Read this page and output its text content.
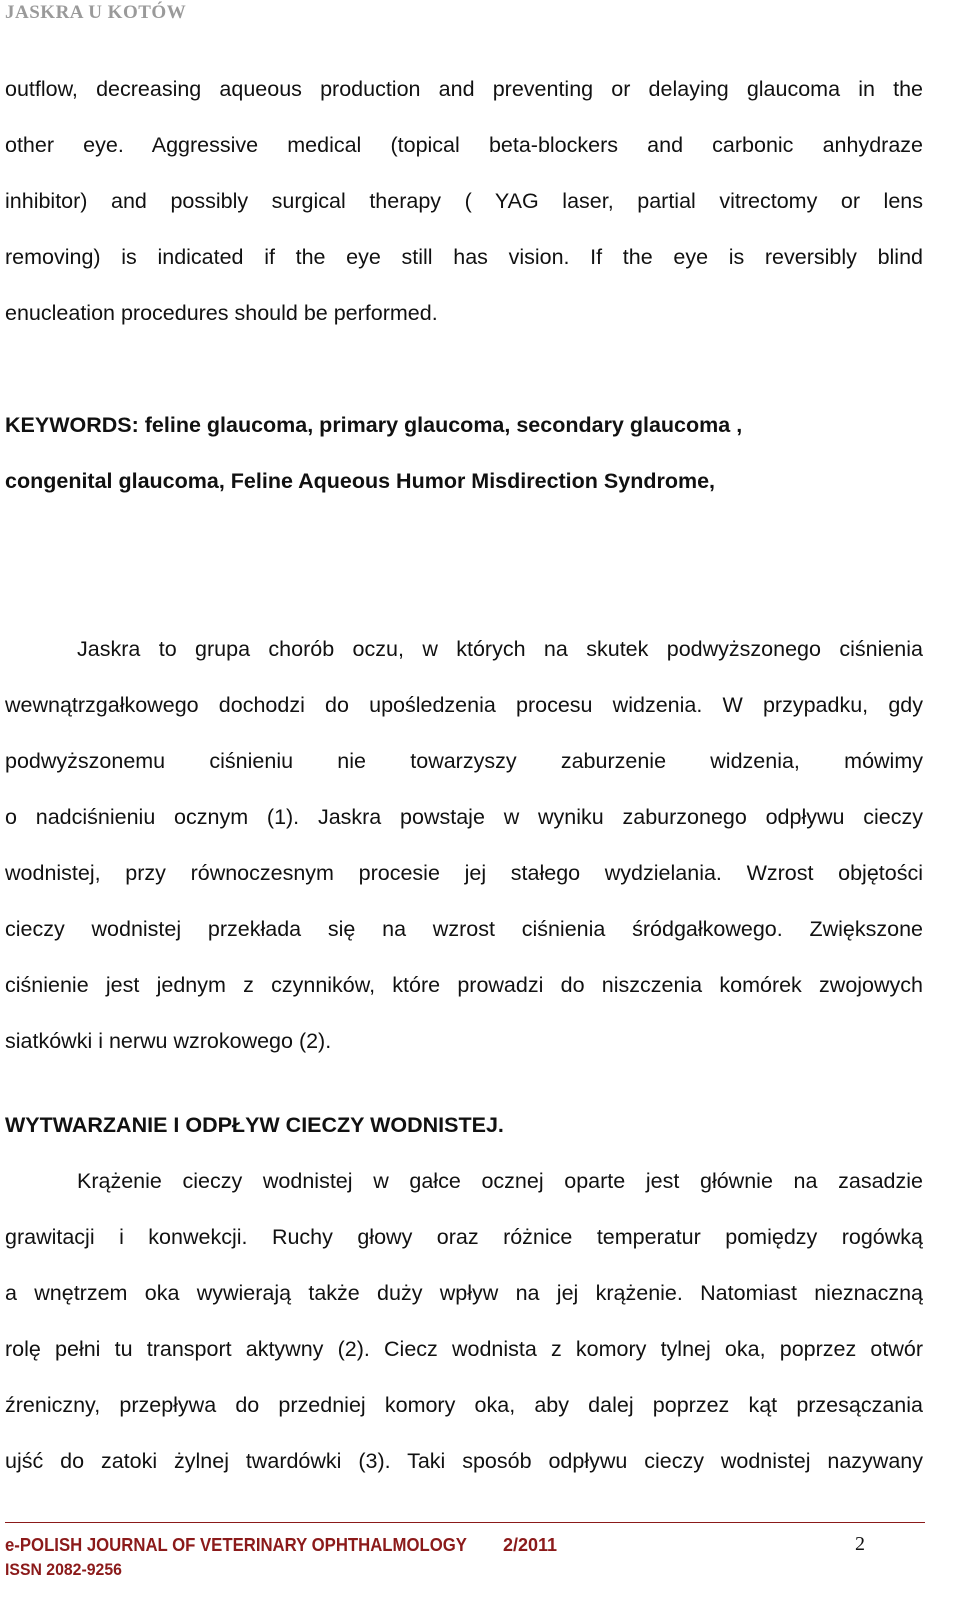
JASKRA U KOTÓW
outflow, decreasing aqueous production and preventing or delaying glaucoma in the
other eye. Aggressive medical (topical beta-blockers and carbonic anhydraze
inhibitor) and possibly surgical therapy ( YAG laser, partial vitrectomy or lens
removing) is indicated if the eye still has vision. If the eye is reversibly blind
enucleation procedures should be performed.
KEYWORDS: feline glaucoma, primary glaucoma, secondary glaucoma ,
congenital glaucoma, Feline Aqueous Humor Misdirection Syndrome,
Jaskra to grupa chorób oczu, w których na skutek podwyższonego ciśnienia
wewnątrzgałkowego dochodzi do upośledzenia procesu widzenia. W przypadku, gdy
podwyższonemu ciśnieniu nie towarzyszy zaburzenie widzenia, mówimy
o nadciśnieniu ocznym (1). Jaskra powstaje w wyniku zaburzonego odpływu cieczy
wodnistej, przy równoczesnym procesie jej stałego wydzielania. Wzrost objętości
cieczy wodnistej przekłada się na wzrost ciśnienia śródgałkowego. Zwiększone
ciśnienie jest jednym z czynników, które prowadzi do niszczenia komórek zwojowych
siatkówki i nerwu wzrokowego (2).
WYTWARZANIE I ODPŁYW CIECZY WODNISTEJ.
Krążenie cieczy wodnistej w gałce ocznej oparte jest głównie na zasadzie
grawitacji i konwekcji. Ruchy głowy oraz różnice temperatur pomiędzy rogówką
a wnętrzem oka wywierają także duży wpływ na jej krążenie. Natomiast nieznaczną
rolę pełni tu transport aktywny (2). Ciecz wodnista z komory tylnej oka, poprzez otwór
źreniczny, przepływa do przedniej komory oka, aby dalej poprzez kąt przesączania
ujść do zatoki żylnej twardówki (3). Taki sposób odpływu cieczy wodnistej nazywany
e-POLISH JOURNAL OF VETERINARY OPHTHALMOLOGY 2/2011	2
ISSN 2082-9256
